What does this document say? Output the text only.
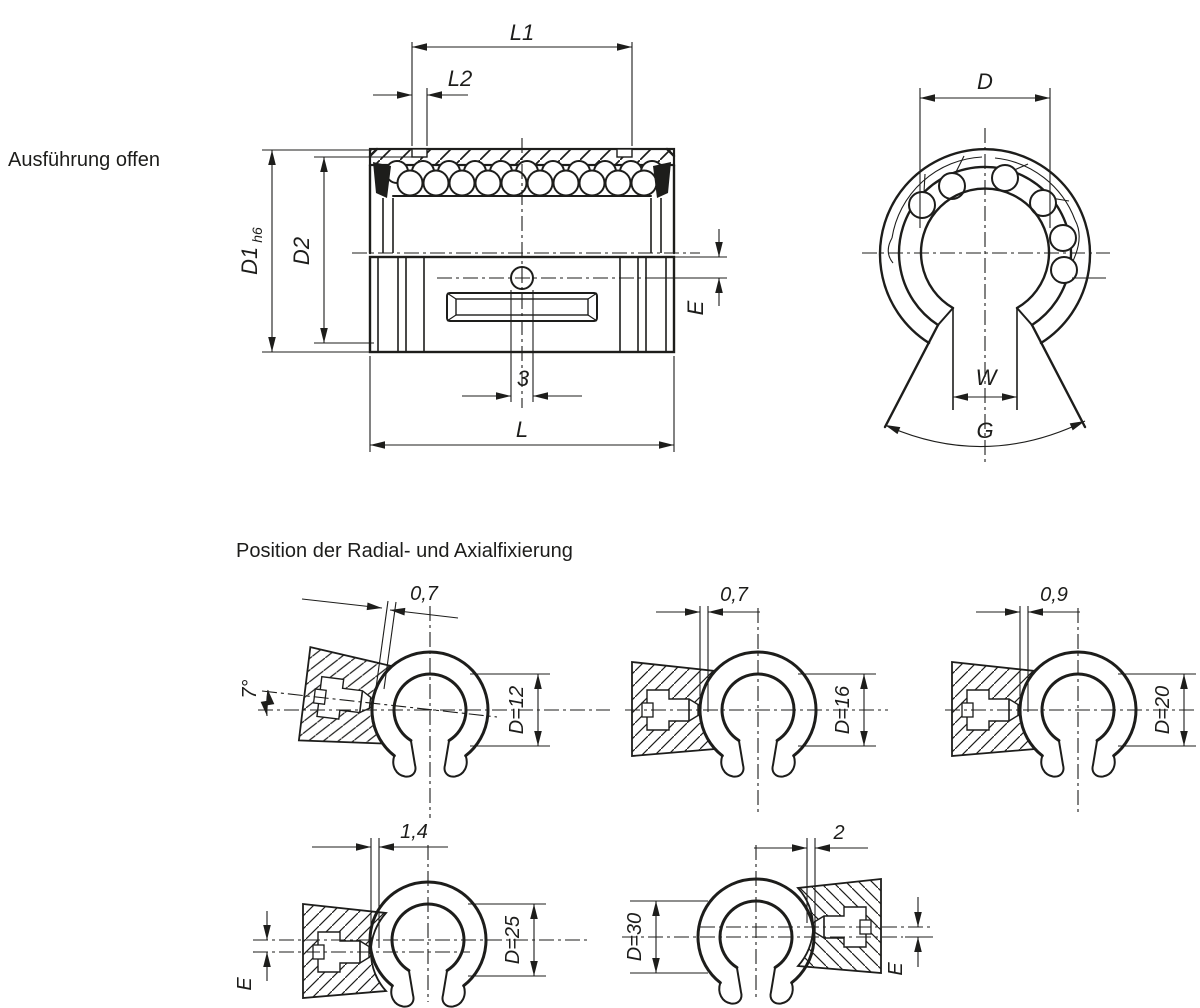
L1
L2
$D1_{h6}$
D2
E
3
L
D
W
G
7°
0,7
D=12
0,7
D=16
0,9
D=20
1,4
E
D=25
2
E
D=30
Ausführung offen
Position der Radial- und Axialfixierung
